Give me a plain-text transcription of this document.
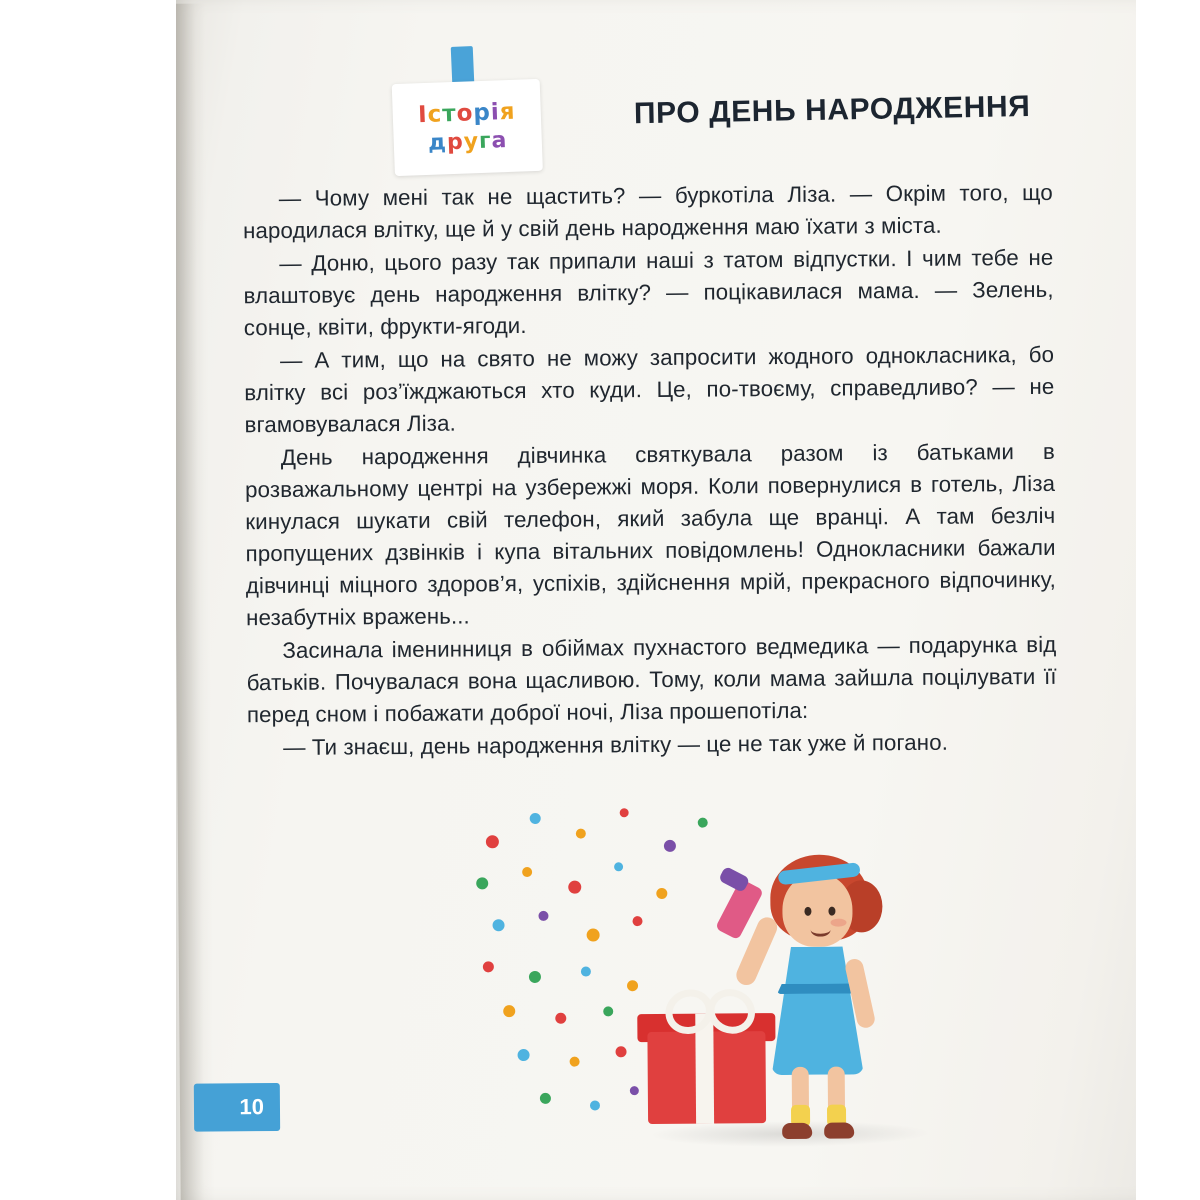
Історія
друга
ПРО ДЕНЬ НАРОДЖЕННЯ

— Чому мені так не щастить? — буркотіла Ліза. — Окрім того, що народилася влітку, ще й у свій день народження маю їхати з міста.

— Доню, цього разу так припали наші з татом відпустки. І чим тебе не влаштовує день народження влітку? — поцікавилася мама. — Зелень, сонце, квіти, фрукти-ягоди.

— А тим, що на свято не можу запросити жодного однокласника, бо влітку всі роз’їжджаються хто куди. Це, по-твоєму, справедливо? — не вгамовувалася Ліза.

День народження дівчинка святкувала разом із батьками в розважальному центрі на узбережжі моря. Коли повернулися в готель, Ліза кинулася шукати свій телефон, який забула ще вранці. А там безліч пропущених дзвінків і купа вітальних повідомлень! Однокласники бажали дівчинці міцного здоров’я, успіхів, здійснення мрій, прекрасного відпочинку, незабутніх вражень...

Засинала іменинниця в обіймах пухнастого ведмедика — подарунка від батьків. Почувалася вона щасливою. Тому, коли мама зайшла поцілувати її перед сном і побажати доброї ночі, Ліза прошепотіла:

— Ти знаєш, день народження влітку — це не так уже й погано.

10
